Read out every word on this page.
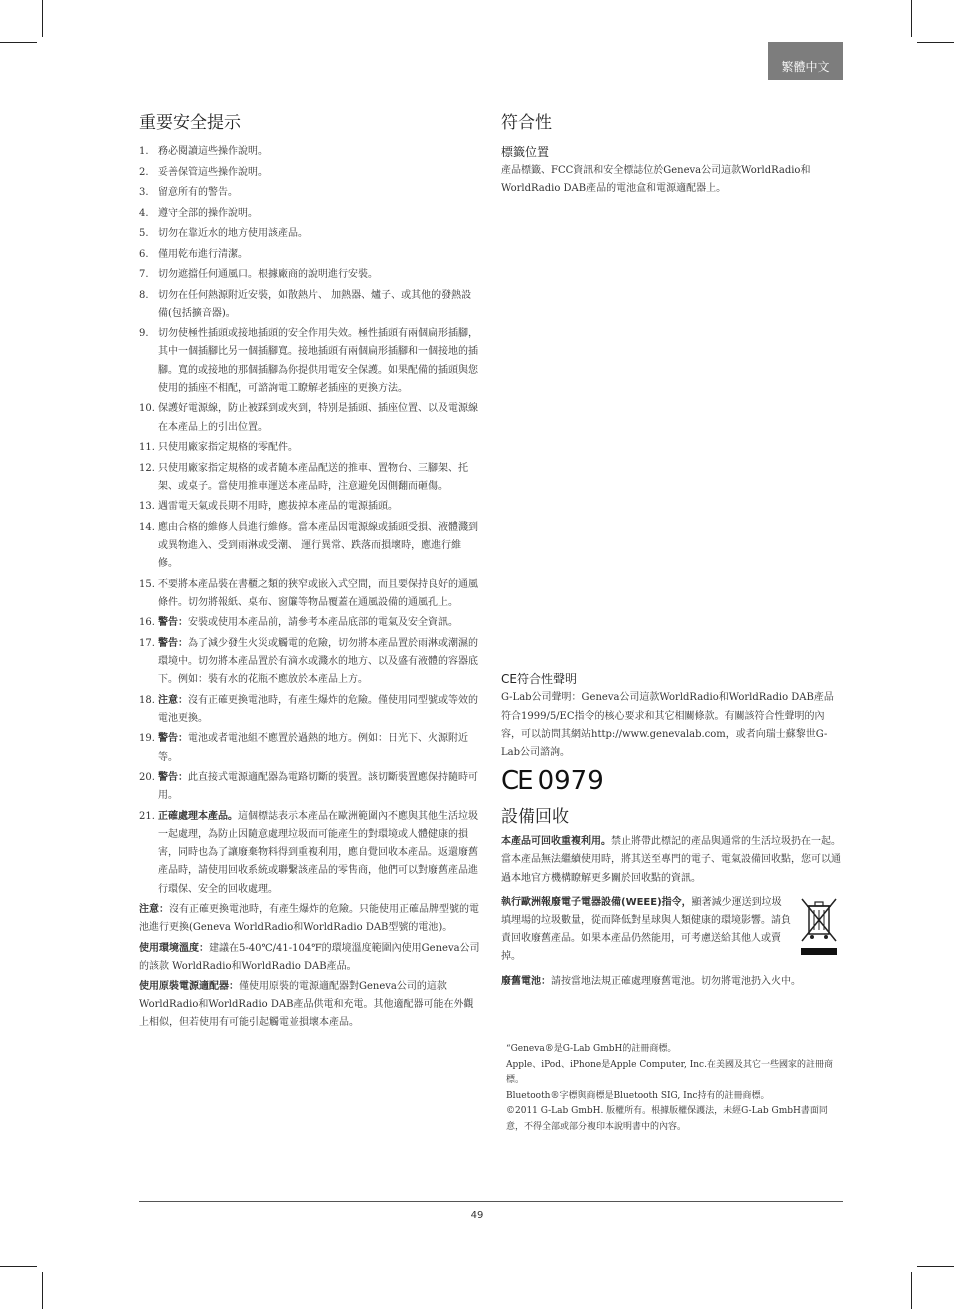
繁體中文
重要安全提示
1. 務必閱讀這些操作說明。
2. 妥善保管這些操作說明。
3. 留意所有的警告。
4. 遵守全部的操作說明。
5. 切勿在靠近水的地方使用該產品。
6. 僅用乾布進行清潔。
7. 切勿遮擋任何通風口。根據廠商的說明進行安裝。
8. 切勿在任何熱源附近安裝，如散熱片、 加熱器、爐子、或其他的發熱設備(包括擴音器)。
9. 切勿使極性插頭或接地插頭的安全作用失效。極性插頭有兩個扁形插腳，其中一個插腳比另一個插腳寬。接地插頭有兩個扁形插腳和一個接地的插腳。寬的或接地的那個插腳為你提供用電安全保護。如果配備的插頭與您使用的插座不相配，可諮詢電工瞭解老插座的更換方法。
10. 保護好電源線，防止被踩到或夾到，特別是插頭、插座位置、以及電源線在本產品上的引出位置。
11. 只使用廠家指定規格的零配件。
12. 只使用廠家指定規格的或者隨本產品配送的推車、置物台、三腳架、托架、或桌子。當使用推車運送本產品時，注意避免因側翻而砸傷。
13. 遇雷電天氣或長期不用時，應拔掉本產品的電源插頭。
14. 應由合格的維修人員進行維修。當本產品因電源線或插頭受損、液體濺到或異物進入、受到雨淋或受潮、 運行異常、跌落而損壞時，應進行維修。
15. 不要將本產品裝在書櫃之類的狹窄或嵌入式空間，而且要保持良好的通風條件。切勿將報紙、桌布、窗簾等物品覆蓋在通風設備的通風孔上。
16. 警告：安裝或使用本產品前，請參考本產品底部的電氣及安全資訊。
17. 警告：為了減少發生火災或觸電的危險，切勿將本產品置於雨淋或潮濕的環境中。切勿將本產品置於有滴水或濺水的地方、以及盛有液體的容器底下。例如：裝有水的花瓶不應放於本產品上方。
18. 注意：沒有正確更換電池時，有產生爆炸的危險。僅使用同型號或等效的電池更換。
19. 警告：電池或者電池組不應置於過熱的地方。例如：日光下、火源附近等。
20. 警告：此直接式電源適配器為電路切斷的裝置。該切斷裝置應保持隨時可用。
21. 正確處理本產品。這個標誌表示本產品在歐洲範圍內不應與其他生活垃圾一起處理，為防止因隨意處理垃圾而可能產生的對環境或人體健康的損害，同時也為了讓廢棄物料得到重複利用，應自覺回收本產品。返還廢舊產品時，請使用回收系統或聯繫該產品的零售商，他們可以對廢舊產品進行環保、安全的回收處理。

注意：沒有正確更換電池時，有產生爆炸的危險。只能使用正確品牌型號的電池進行更換(Geneva WorldRadio和WorldRadio DAB型號的電池)。

使用環境溫度：建議在5-40℃/41-104℉的環境溫度範圍內使用Geneva公司的該款 WorldRadio和WorldRadio DAB產品。

使用原裝電源適配器：僅使用原裝的電源適配器對Geneva公司的這款 WorldRadio和WorldRadio DAB產品供電和充電。其他適配器可能在外觀上相似，但若使用有可能引起觸電並損壞本產品。

符合性
標籤位置

產品標籤、FCC資訊和安全標誌位於Geneva公司這款WorldRadio和WorldRadio DAB產品的電池盒和電源適配器上。

CE符合性聲明

G-Lab公司聲明：Geneva公司這款WorldRadio和WorldRadio DAB產品符合1999/5/EC指令的核心要求和其它相關條款。有關該符合性聲明的內容，可以訪問其網站http://www.genevalab.com，或者向瑞士蘇黎世G-Lab公司諮詢。

CE 0979
設備回收

本產品可回收重複利用。禁止將帶此標記的產品與通常的生活垃圾扔在一起。當本產品無法繼續使用時，將其送至專門的電子、電氣設備回收點，您可以通過本地官方機構瞭解更多關於回收點的資訊。

執行歐洲報廢電子電器設備(WEEE)指令，顯著減少運送到垃圾填埋場的垃圾數量，從而降低對星球與人類健康的環境影響。請負責回收廢舊產品。如果本產品仍然能用，可考慮送給其他人或賣掉。

廢舊電池：請按當地法規正確處理廢舊電池。切勿將電池扔入火中。

“Geneva®是G-Lab GmbH的註冊商標。
Apple、iPod、iPhone是Apple Computer, Inc.在美國及其它一些國家的註冊商標。
Bluetooth®字標與商標是Bluetooth SIG, Inc持有的註冊商標。
©2011 G-Lab GmbH. 版權所有。根據版權保護法，未經G-Lab GmbH書面同意，不得全部或部分複印本說明書中的內容。
49
